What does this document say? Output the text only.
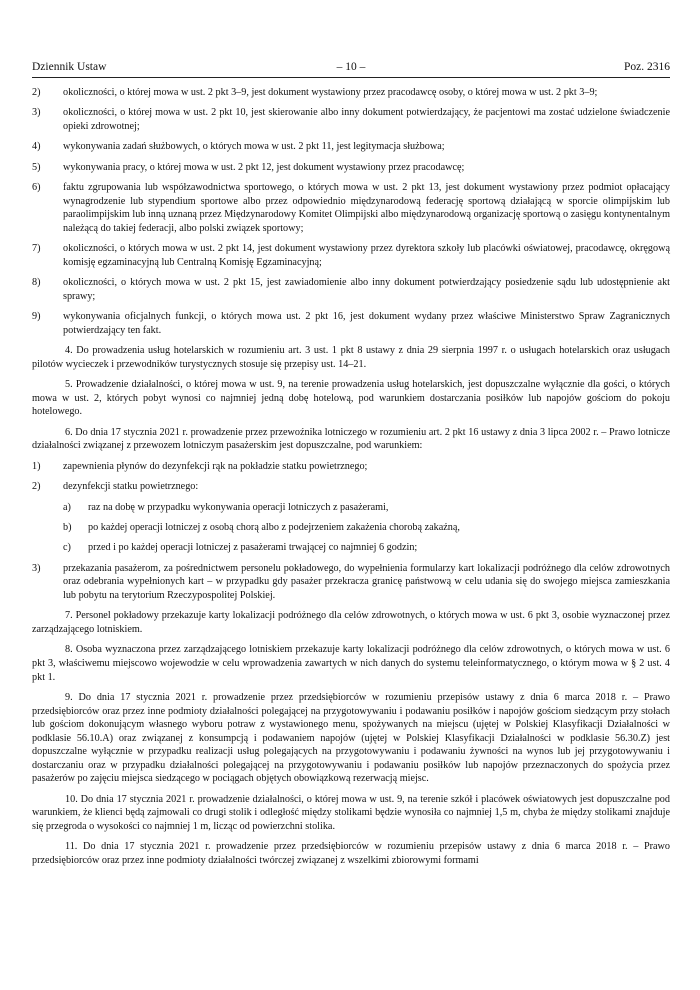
Dziennik Ustaw	– 10 –	Poz. 2316
2) okoliczności, o której mowa w ust. 2 pkt 3–9, jest dokument wystawiony przez pracodawcę osoby, o której mowa w ust. 2 pkt 3–9;
3) okoliczności, o której mowa w ust. 2 pkt 10, jest skierowanie albo inny dokument potwierdzający, że pacjentowi ma zostać udzielone świadczenie opieki zdrowotnej;
4) wykonywania zadań służbowych, o których mowa w ust. 2 pkt 11, jest legitymacja służbowa;
5) wykonywania pracy, o której mowa w ust. 2 pkt 12, jest dokument wystawiony przez pracodawcę;
6) faktu zgrupowania lub współzawodnictwa sportowego, o których mowa w ust. 2 pkt 13, jest dokument wystawiony przez podmiot opłacający wynagrodzenie lub stypendium sportowe albo przez odpowiednio międzynarodową federację sportową działającą w sporcie olimpijskim lub paraolimpijskim lub inną uznaną przez Międzynarodowy Komitet Olimpijski albo międzynarodową organizację sportową o zasięgu kontynentalnym należącą do takiej federacji, albo polski związek sportowy;
7) okoliczności, o których mowa w ust. 2 pkt 14, jest dokument wystawiony przez dyrektora szkoły lub placówki oświatowej, pracodawcę, okręgową komisję egzaminacyjną lub Centralną Komisję Egzaminacyjną;
8) okoliczności, o których mowa w ust. 2 pkt 15, jest zawiadomienie albo inny dokument potwierdzający posiedzenie sądu lub udostępnienie akt sprawy;
9) wykonywania oficjalnych funkcji, o których mowa ust. 2 pkt 16, jest dokument wydany przez właściwe Ministerstwo Spraw Zagranicznych potwierdzający ten fakt.

4. Do prowadzenia usług hotelarskich w rozumieniu art. 3 ust. 1 pkt 8 ustawy z dnia 29 sierpnia 1997 r. o usługach hotelarskich oraz usługach pilotów wycieczek i przewodników turystycznych stosuje się przepisy ust. 14–21.

5. Prowadzenie działalności, o której mowa w ust. 9, na terenie prowadzenia usług hotelarskich, jest dopuszczalne wyłącznie dla gości, o których mowa w ust. 2, których pobyt wynosi co najmniej jedną dobę hotelową, pod warunkiem dostarczania posiłków lub napojów gościom do pokoju hotelowego.

6. Do dnia 17 stycznia 2021 r. prowadzenie przez przewoźnika lotniczego w rozumieniu art. 2 pkt 16 ustawy z dnia 3 lipca 2002 r. – Prawo lotnicze działalności związanej z przewozem lotniczym pasażerskim jest dopuszczalne, pod warunkiem:

1) zapewnienia płynów do dezynfekcji rąk na pokładzie statku powietrznego;
2) dezynfekcji statku powietrznego:
a) raz na dobę w przypadku wykonywania operacji lotniczych z pasażerami,
b) po każdej operacji lotniczej z osobą chorą albo z podejrzeniem zakażenia chorobą zakaźną,
c) przed i po każdej operacji lotniczej z pasażerami trwającej co najmniej 6 godzin;
3) przekazania pasażerom, za pośrednictwem personelu pokładowego, do wypełnienia formularzy kart lokalizacji podróżnego dla celów zdrowotnych oraz odebrania wypełnionych kart – w przypadku gdy pasażer przekracza granicę państwową w celu udania się do swojego miejsca zamieszkania lub pobytu na terytorium Rzeczypospolitej Polskiej.

7. Personel pokładowy przekazuje karty lokalizacji podróżnego dla celów zdrowotnych, o których mowa w ust. 6 pkt 3, osobie wyznaczonej przez zarządzającego lotniskiem.

8. Osoba wyznaczona przez zarządzającego lotniskiem przekazuje karty lokalizacji podróżnego dla celów zdrowotnych, o których mowa w ust. 6 pkt 3, właściwemu miejscowo wojewodzie w celu wprowadzenia zawartych w nich danych do systemu teleinformatycznego, o którym mowa w § 2 ust. 4 pkt 1.

9. Do dnia 17 stycznia 2021 r. prowadzenie przez przedsiębiorców w rozumieniu przepisów ustawy z dnia 6 marca 2018 r. – Prawo przedsiębiorców oraz przez inne podmioty działalności polegającej na przygotowywaniu i podawaniu posiłków i napojów gościom siedzącym przy stołach lub gościom dokonującym własnego wyboru potraw z wystawionego menu, spożywanych na miejscu (ujętej w Polskiej Klasyfikacji Działalności w podklasie 56.10.A) oraz związanej z konsumpcją i podawaniem napojów (ujętej w Polskiej Klasyfikacji Działalności w podklasie 56.30.Z) jest dopuszczalne wyłącznie w przypadku realizacji usług polegających na przygotowywaniu i podawaniu żywności na wynos lub jej przygotowywaniu i dostarczaniu oraz w przypadku działalności polegającej na przygotowywaniu i podawaniu posiłków lub napojów przeznaczonych do spożycia przez pasażerów po zajęciu miejsca siedzącego w pociągach objętych obowiązkową rezerwacją miejsc.

10. Do dnia 17 stycznia 2021 r. prowadzenie działalności, o której mowa w ust. 9, na terenie szkół i placówek oświatowych jest dopuszczalne pod warunkiem, że klienci będą zajmowali co drugi stolik i odległość między stolikami będzie wynosiła co najmniej 1,5 m, chyba że między stolikami znajduje się przegroda o wysokości co najmniej 1 m, licząc od powierzchni stolika.

11. Do dnia 17 stycznia 2021 r. prowadzenie przez przedsiębiorców w rozumieniu przepisów ustawy z dnia 6 marca 2018 r. – Prawo przedsiębiorców oraz przez inne podmioty działalności twórczej związanej z wszelkimi zbiorowymi formami
